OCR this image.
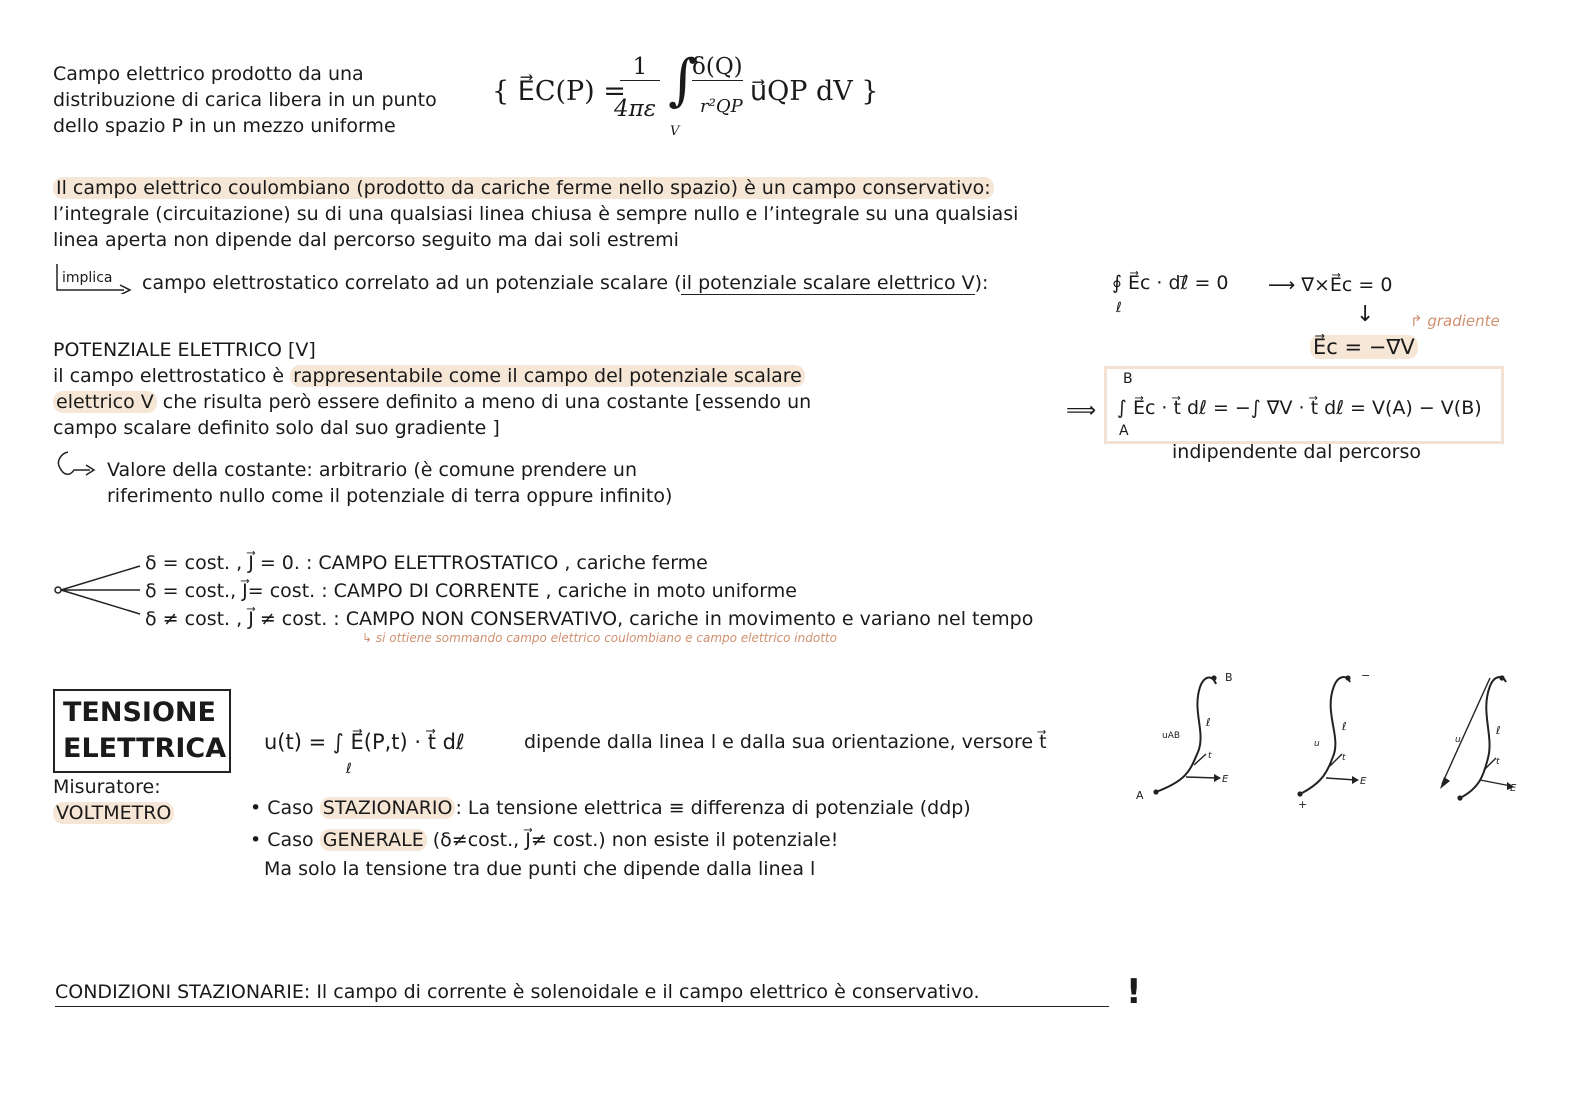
Campo elettrico prodotto da una
distribuzione di carica libera in un punto
dello spazio P in un mezzo uniforme
{ E⃗C(P) =
1
4πε ∫
V
δ(Q)
r²QP u⃗QP dV }
Il campo elettrico coulombiano (prodotto da cariche ferme nello spazio) è un campo conservativo:
l’integrale (circuitazione) su di una qualsiasi linea chiusa è sempre nullo e l’integrale su una qualsiasi
linea aperta non dipende dal percorso seguito ma dai soli estremi
implica campo elettrostatico correlato ad un potenziale scalare (il potenziale scalare elettrico V):	∮ E⃗c · dℓ⃗ = 0
ℓ
⟶ ∇×E⃗c = 0
↓ ↱ gradiente
E⃗c = −∇V
POTENZIALE ELETTRICO [V]
il campo elettrostatico è rappresentabile come il campo del potenziale scalare
elettrico V che risulta però essere definito a meno di una costante [essendo un
campo scalare definito solo dal suo gradiente ]
Valore della costante: arbitrario (è comune prendere un
riferimento nullo come il potenziale di terra oppure infinito)
⟹
B
∫ E⃗c · t⃗ dℓ = −∫ ∇V · t⃗ dℓ = V(A) − V(B)
A
indipendente dal percorso
δ = cost. , J⃗ = 0. : CAMPO ELETTROSTATICO , cariche ferme
δ = cost., J⃗= cost. : CAMPO DI CORRENTE , cariche in moto uniforme
δ ≠ cost. , J⃗ ≠ cost. : CAMPO NON CONSERVATIVO, cariche in movimento e variano nel tempo
↳ si ottiene sommando campo elettrico coulombiano e campo elettrico indotto
TENSIONE
ELETTRICA
Misuratore:
VOLTMETRO
u(t) = ∫ E⃗(P,t) · t⃗ dℓ
ℓ
dipende dalla linea l e dalla sua orientazione, versore t⃗
• Caso STAZIONARIO : La tensione elettrica ≡ differenza di potenziale (ddp)
• Caso GENERALE (δ≠cost., J⃗≠ cost.) non esiste il potenziale!
Ma solo la tensione tra due punti che dipende dalla linea l
B
A
uAB
ℓ
t
E
−
+
u
ℓ
t
E
u
ℓ
t
E
CONDIZIONI STAZIONARIE: Il campo di corrente è solenoidale e il campo elettrico è conservativo.	!
